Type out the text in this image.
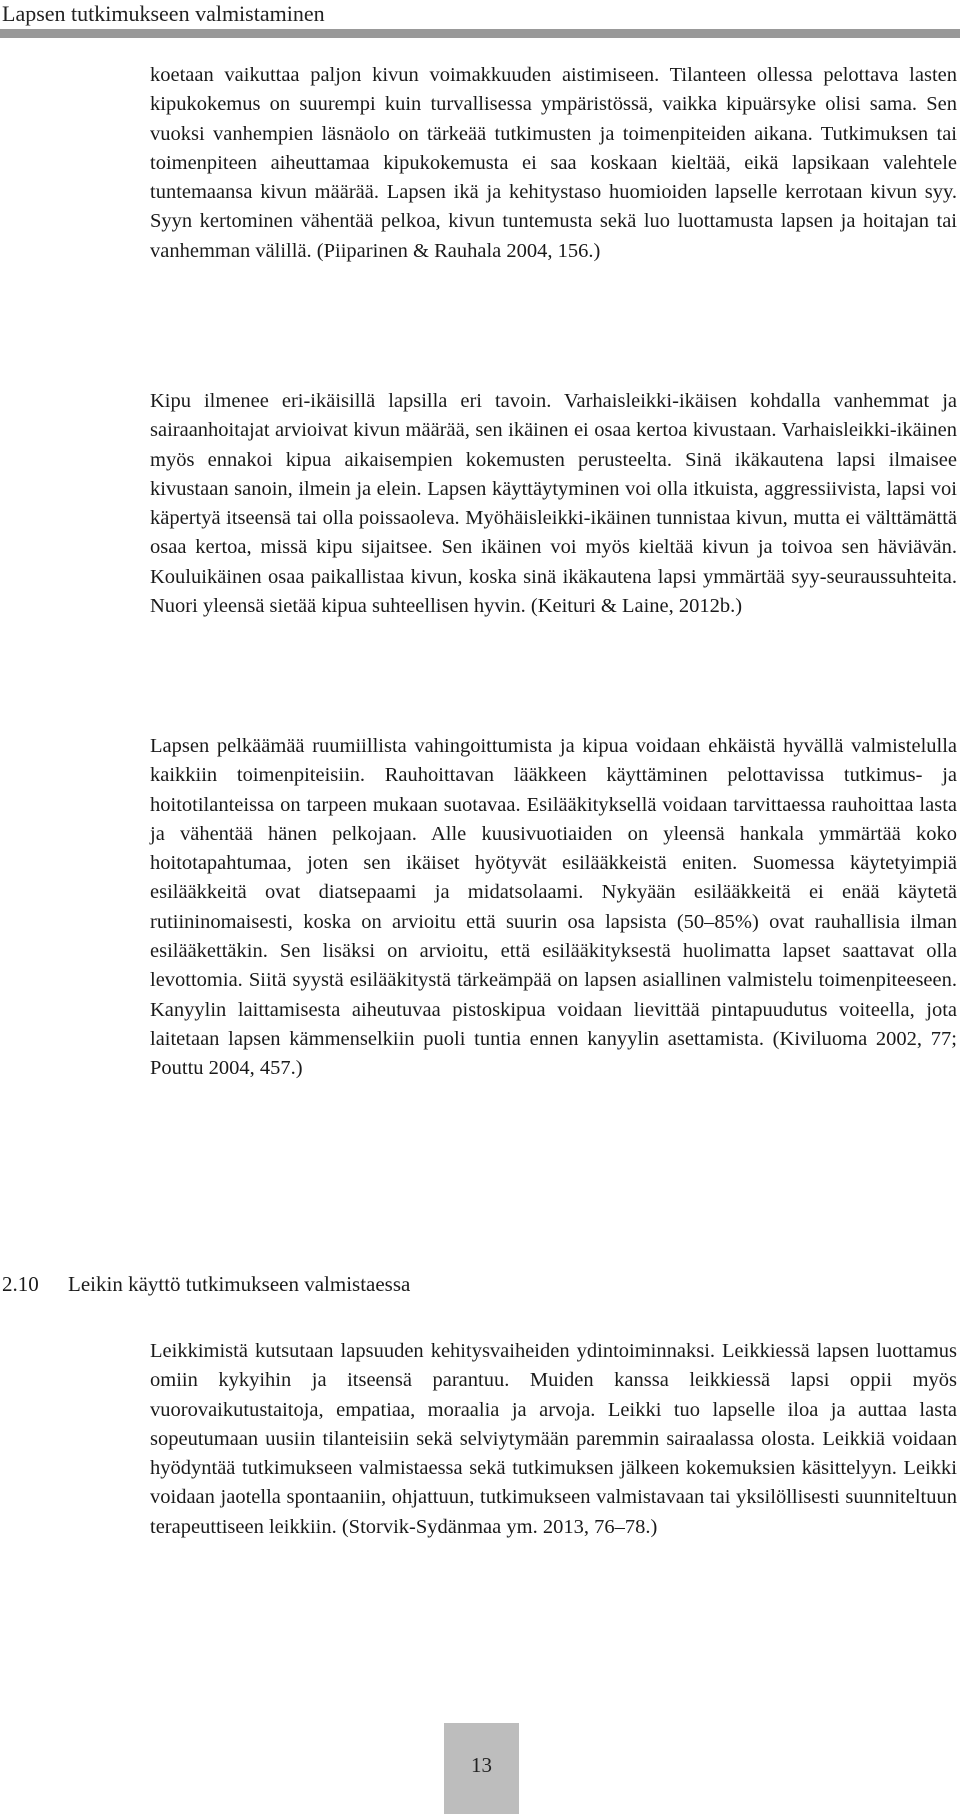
Lapsen tutkimukseen valmistaminen

koetaan vaikuttaa paljon kivun voimakkuuden aistimiseen. Tilanteen ollessa pelottava lasten kipukokemus on suurempi kuin turvallisessa ympäristössä, vaikka kipuärsyke olisi sama. Sen vuoksi vanhempien läsnäolo on tärkeää tutkimusten ja toimenpiteiden aikana. Tutkimuksen tai toimenpiteen aiheuttamaa kipukokemusta ei saa koskaan kieltää, eikä lapsikaan valehtele tuntemaansa kivun määrää. Lapsen ikä ja kehitystaso huomioiden lapselle kerrotaan kivun syy. Syyn kertominen vähentää pelkoa, kivun tuntemusta sekä luo luottamusta lapsen ja hoitajan tai vanhemman välillä. (Piiparinen & Rauhala 2004, 156.)

Kipu ilmenee eri-ikäisillä lapsilla eri tavoin. Varhaisleikki-ikäisen kohdalla vanhemmat ja sairaanhoitajat arvioivat kivun määrää, sen ikäinen ei osaa kertoa kivustaan. Varhaisleikki-ikäinen myös ennakoi kipua aikaisempien kokemusten perusteelta. Sinä ikäkautena lapsi ilmaisee kivustaan sanoin, ilmein ja elein. Lapsen käyttäytyminen voi olla itkuista, aggressiivista, lapsi voi käpertyä itseensä tai olla poissaoleva. Myöhäisleikki-ikäinen tunnistaa kivun, mutta ei välttämättä osaa kertoa, missä kipu sijaitsee. Sen ikäinen voi myös kieltää kivun ja toivoa sen häviävän. Kouluikäinen osaa paikallistaa kivun, koska sinä ikäkautena lapsi ymmärtää syy-seuraussuhteita. Nuori yleensä sietää kipua suhteellisen hyvin. (Keituri & Laine, 2012b.)

Lapsen pelkäämää ruumiillista vahingoittumista ja kipua voidaan ehkäistä hyvällä valmistelulla kaikkiin toimenpiteisiin. Rauhoittavan lääkkeen käyttäminen pelottavissa tutkimus- ja hoitotilanteissa on tarpeen mukaan suotavaa. Esilääkityksellä voidaan tarvittaessa rauhoittaa lasta ja vähentää hänen pelkojaan. Alle kuusivuotiaiden on yleensä hankala ymmärtää koko hoitotapahtumaa, joten sen ikäiset hyötyvät esilääkkeistä eniten. Suomessa käytetyimpiä esilääkkeitä ovat diatsepaami ja midatsolaami. Nykyään esilääkkeitä ei enää käytetä rutiininomaisesti, koska on arvioitu että suurin osa lapsista (50–85%) ovat rauhallisia ilman esilääkettäkin. Sen lisäksi on arvioitu, että esilääkityksestä huolimatta lapset saattavat olla levottomia. Siitä syystä esilääkitystä tärkeämpää on lapsen asiallinen valmistelu toimenpiteeseen. Kanyylin laittamisesta aiheutuvaa pistoskipua voidaan lievittää pintapuudutus voiteella, jota laitetaan lapsen kämmenselkiin puoli tuntia ennen kanyylin asettamista. (Kiviluoma 2002, 77; Pouttu 2004, 457.)

2.10 Leikin käyttö tutkimukseen valmistaessa

Leikkimistä kutsutaan lapsuuden kehitysvaiheiden ydintoiminnaksi. Leikkiessä lapsen luottamus omiin kykyihin ja itseensä parantuu. Muiden kanssa leikkiessä lapsi oppii myös vuorovaikutustaitoja, empatiaa, moraalia ja arvoja. Leikki tuo lapselle iloa ja auttaa lasta sopeutumaan uusiin tilanteisiin sekä selviytymään paremmin sairaalassa olosta. Leikkiä voidaan hyödyntää tutkimukseen valmistaessa sekä tutkimuksen jälkeen kokemuksien käsittelyyn. Leikki voidaan jaotella spontaaniin, ohjattuun, tutkimukseen valmistavaan tai yksilöllisesti suunniteltuun terapeuttiseen leikkiin. (Storvik-Sydänmaa ym. 2013, 76–78.)

13
